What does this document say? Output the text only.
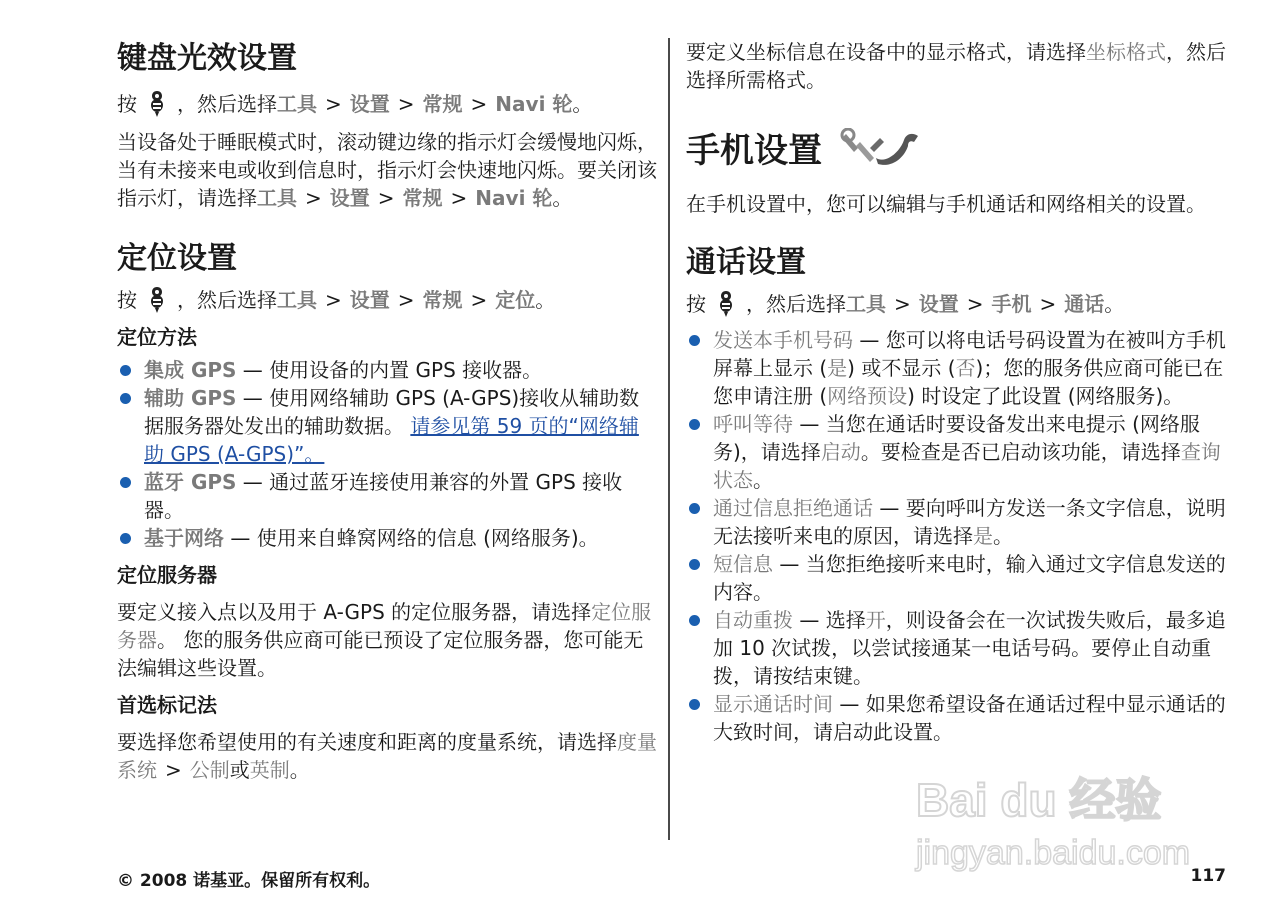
键盘光效设置

按 ，然后选择工具 > 设置 > 常规 > Navi 轮。

当设备处于睡眠模式时，滚动键边缘的指示灯会缓慢地闪烁，当有未接来电或收到信息时，指示灯会快速地闪烁。要关闭该指示灯，请选择工具 > 设置 > 常规 > Navi 轮。

定位设置

按 ，然后选择工具 > 设置 > 常规 > 定位。

定位方法
集成 GPS — 使用设备的内置 GPS 接收器。
辅助 GPS — 使用网络辅助 GPS (A-GPS)接收从辅助数据服务器处发出的辅助数据。 请参见第 59 页的“网络辅助 GPS (A-GPS)”。
蓝牙 GPS — 通过蓝牙连接使用兼容的外置 GPS 接收器。
基于网络 — 使用来自蜂窝网络的信息 (网络服务)。
定位服务器

要定义接入点以及用于 A-GPS 的定位服务器，请选择定位服务器。 您的服务供应商可能已预设了定位服务器，您可能无法编辑这些设置。

首选标记法

要选择您希望使用的有关速度和距离的度量系统，请选择度量系统 > 公制或英制。

要定义坐标信息在设备中的显示格式，请选择坐标格式，然后选择所需格式。

手机设置

在手机设置中，您可以编辑与手机通话和网络相关的设置。

通话设置

按 ，然后选择工具 > 设置 > 手机 > 通话。

发送本手机号码 — 您可以将电话号码设置为在被叫方手机屏幕上显示 (是) 或不显示 (否)；您的服务供应商可能已在您申请注册 (网络预设) 时设定了此设置 (网络服务)。
呼叫等待 — 当您在通话时要设备发出来电提示 (网络服务)，请选择启动。要检查是否已启动该功能，请选择查询状态。
通过信息拒绝通话 — 要向呼叫方发送一条文字信息，说明无法接听来电的原因，请选择是。
短信息 — 当您拒绝接听来电时，输入通过文字信息发送的内容。
自动重拨 — 选择开，则设备会在一次试拨失败后，最多追加 10 次试拨，以尝试接通某一电话号码。要停止自动重拨，请按结束键。
显示通话时间 — 如果您希望设备在通话过程中显示通话的大致时间，请启动此设置。
© 2008 诺基亚。保留所有权利。	117
Bai du 经验
jingyan.baidu.com
